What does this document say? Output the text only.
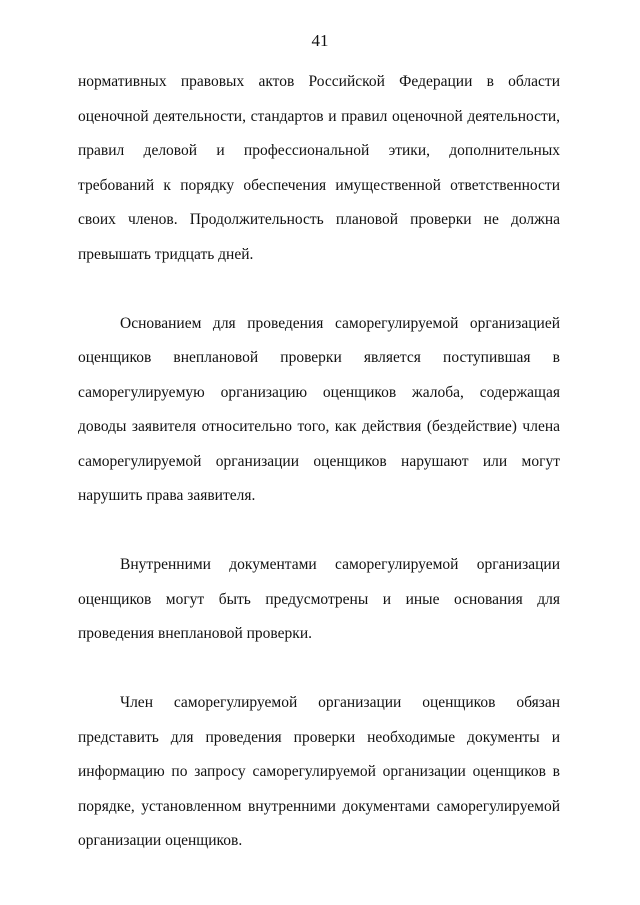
41

нормативных правовых актов Российской Федерации в области оценочной деятельности, стандартов и правил оценочной деятельности, правил деловой и профессиональной этики, дополнительных требований к порядку обеспечения имущественной ответственности своих членов. Продолжительность плановой проверки не должна превышать тридцать дней.

Основанием для проведения саморегулируемой организацией оценщиков внеплановой проверки является поступившая в саморегулируемую организацию оценщиков жалоба, содержащая доводы заявителя относительно того, как действия (бездействие) члена саморегулируемой организации оценщиков нарушают или могут нарушить права заявителя.

Внутренними документами саморегулируемой организации оценщиков могут быть предусмотрены и иные основания для проведения внеплановой проверки.

Член саморегулируемой организации оценщиков обязан представить для проведения проверки необходимые документы и информацию по запросу саморегулируемой организации оценщиков в порядке, установленном внутренними документами саморегулируемой организации оценщиков.
